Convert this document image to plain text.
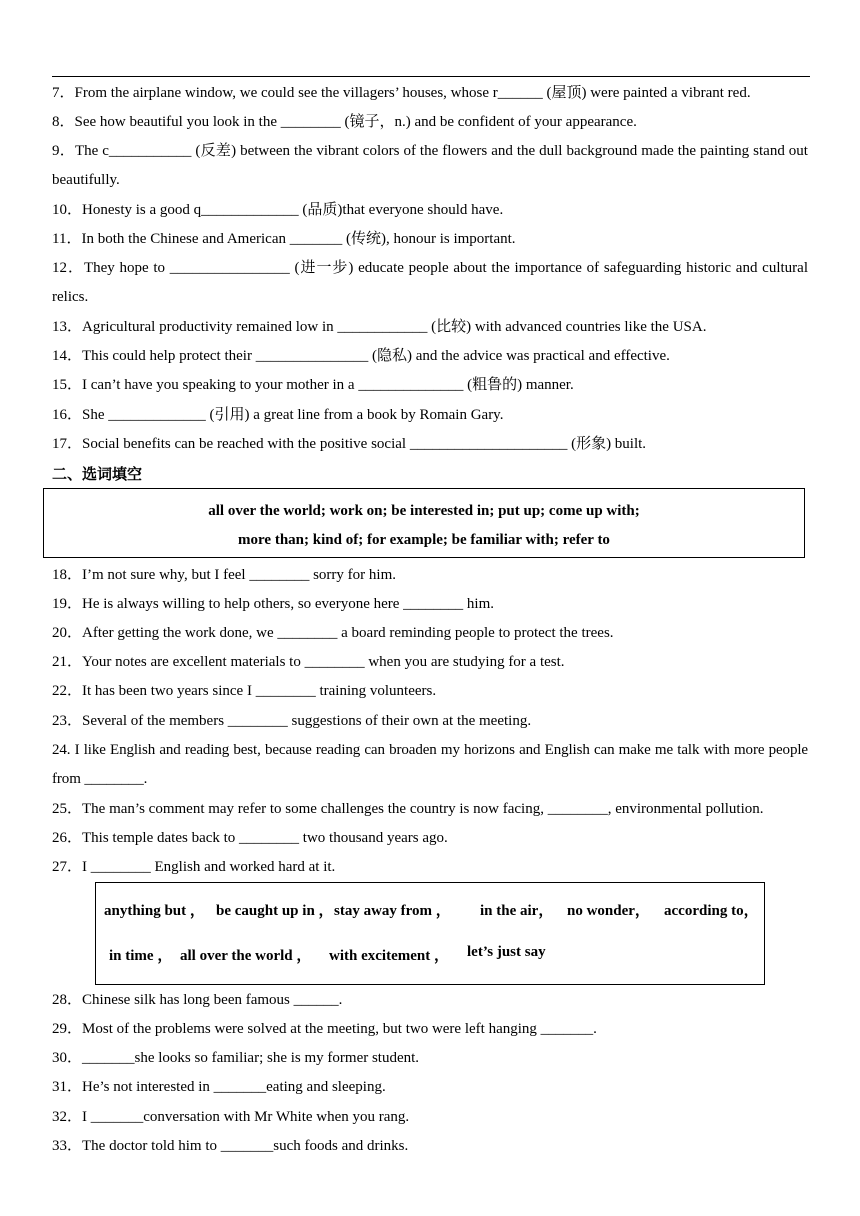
7．From the airplane window, we could see the villagers’ houses, whose r______ (屋顶) were painted a vibrant red.
8．See how beautiful you look in the ________ (镜子，n.) and be confident of your appearance.
9．The c___________ (反差) between the vibrant colors of the flowers and the dull background made the painting stand out beautifully.
10．Honesty is a good q_____________ (品质)that everyone should have.
11．In both the Chinese and American _______ (传统), honour is important.
12．They hope to ________________ (进一步) educate people about the importance of safeguarding historic and cultural relics.
13．Agricultural productivity remained low in ____________ (比较) with advanced countries like the USA.
14．This could help protect their _______________ (隐私) and the advice was practical and effective.
15．I can’t have you speaking to your mother in a ______________ (粗鲁的) manner.
16．She _____________ (引用) a great line from a book by Romain Gary.
17．Social benefits can be reached with the positive social _____________________ (形象) built.
二、选词填空
all over the world; work on; be interested in; put up; come up with;
more than; kind of; for example; be familiar with; refer to
18．I’m not sure why, but I feel ________ sorry for him.
19．He is always willing to help others, so everyone here ________ him.
20．After getting the work done, we ________ a board reminding people to protect the trees.
21．Your notes are excellent materials to ________ when you are studying for a test.
22．It has been two years since I ________ training volunteers.
23．Several of the members ________ suggestions of their own at the meeting.
24. I like English and reading best, because reading can broaden my horizons and English can make me talk with more people from ________.
25．The man’s comment may refer to some challenges the country is now facing, ________, environmental pollution.
26．This temple dates back to ________ two thousand years ago.
27．I ________ English and worked hard at it.
anything but ， be caught up in ， stay away from ， in the air， no wonder， according to，
in time ， all over the world ， with excitement ， let’s just say
28．Chinese silk has long been famous ______.
29．Most of the problems were solved at the meeting, but two were left hanging _______.
30．_______she looks so familiar; she is my former student.
31．He’s not interested in _______eating and sleeping.
32．I _______conversation with Mr White when you rang.
33．The doctor told him to _______such foods and drinks.
